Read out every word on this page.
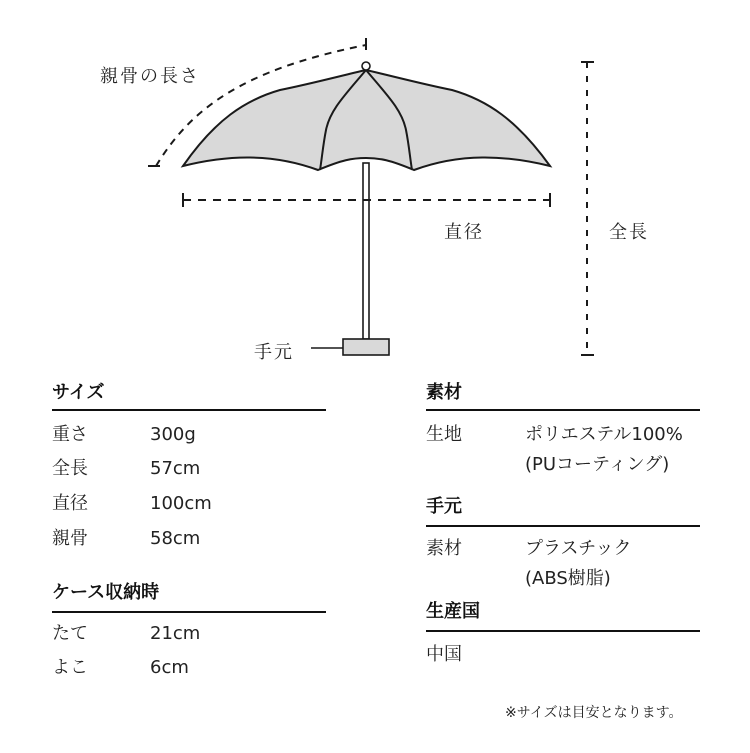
親骨の長さ
直径	全長
手元
サイズ
重さ	300g
全長	57cm
直径	100cm
親骨	58cm
ケース収納時
たて	21cm
よこ	6cm
素材
生地	ポリエステル100%
(PUコーティング)
手元
素材	プラスチック
(ABS樹脂)
生産国
中国
※サイズは目安となります。
